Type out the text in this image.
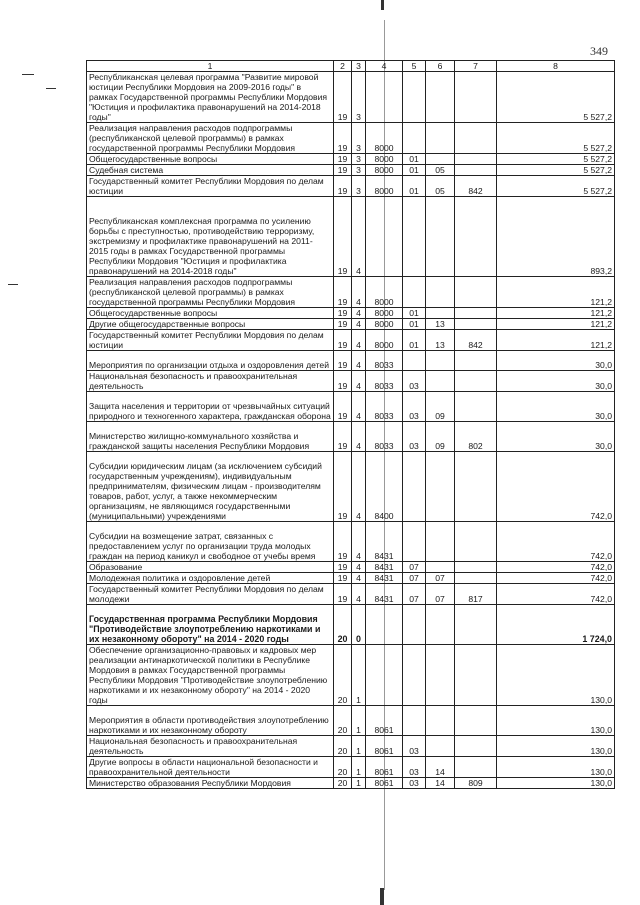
349
1	2	3	4	5	6	7	8
Республиканская целевая программа "Развитие мировой юстиции Республики Мордовия на 2009-2016 годы" в рамках Государственной программы Республики Мордовия "Юстиция и профилактика правонарушений на 2014-2018 годы"	19	3					5 527,2
Реализация направления расходов подпрограммы (республиканской целевой программы) в рамках государственной программы Республики Мордовия	19	3	8000				5 527,2
Общегосударственные вопросы	19	3	8000	01			5 527,2
Судебная система	19	3	8000	01	05		5 527,2
Государственный комитет Республики Мордовия по делам юстиции	19	3	8000	01	05	842	5 527,2
Республиканская комплексная программа по усилению борьбы с преступностью, противодействию терроризму, экстремизму и профилактике правонарушений на 2011-2015 годы в рамках Государственной программы Республики Мордовия "Юстиция и профилактика правонарушений на 2014-2018 годы"	19	4					893,2
Реализация направления расходов подпрограммы (республиканской целевой программы) в рамках государственной программы Республики Мордовия	19	4	8000				121,2
Общегосударственные вопросы	19	4	8000	01			121,2
Другие общегосударственные вопросы	19	4	8000	01	13		121,2
Государственный комитет Республики Мордовия по делам юстиции	19	4	8000	01	13	842	121,2
Мероприятия по организации отдыха и оздоровления детей	19	4	8033				30,0
Национальная безопасность и правоохранительная деятельность	19	4	8033	03			30,0
Защита населения и территории от чрезвычайных ситуаций природного и техногенного характера, гражданская оборона	19	4	8033	03	09		30,0
Министерство жилищно-коммунального хозяйства и гражданской защиты населения Республики Мордовия	19	4	8033	03	09	802	30,0
Субсидии юридическим лицам (за исключением субсидий государственным учреждениям), индивидуальным предпринимателям, физическим лицам - производителям товаров, работ, услуг, а также некоммерческим организациям, не являющимся государственными (муниципальными) учреждениями	19	4	8400				742,0
Субсидии на возмещение затрат, связанных с предоставлением услуг по организации труда молодых граждан на период каникул и свободное от учебы время	19	4	8431				742,0
Образование	19	4	8431	07			742,0
Молодежная политика и оздоровление детей	19	4	8431	07	07		742,0
Государственный комитет Республики Мордовия по делам молодежи	19	4	8431	07	07	817	742,0
Государственная программа Республики Мордовия "Противодействие злоупотреблению наркотиками и их незаконному обороту" на 2014 - 2020 годы	20	0					1 724,0
Обеспечение организационно-правовых и кадровых мер реализации антинаркотической политики в Республике Мордовия в рамках Государственной программы Республики Мордовия "Противодействие злоупотреблению наркотиками и их незаконному обороту" на 2014 - 2020 годы	20	1					130,0
Мероприятия в области противодействия злоупотреблению наркотиками и их незаконному обороту	20	1	8061				130,0
Национальная безопасность и правоохранительная деятельность	20	1	8061	03			130,0
Другие вопросы в области национальной безопасности и правоохранительной деятельности	20	1	8061	03	14		130,0
Министерство образования Республики Мордовия	20	1	8061	03	14	809	130,0
